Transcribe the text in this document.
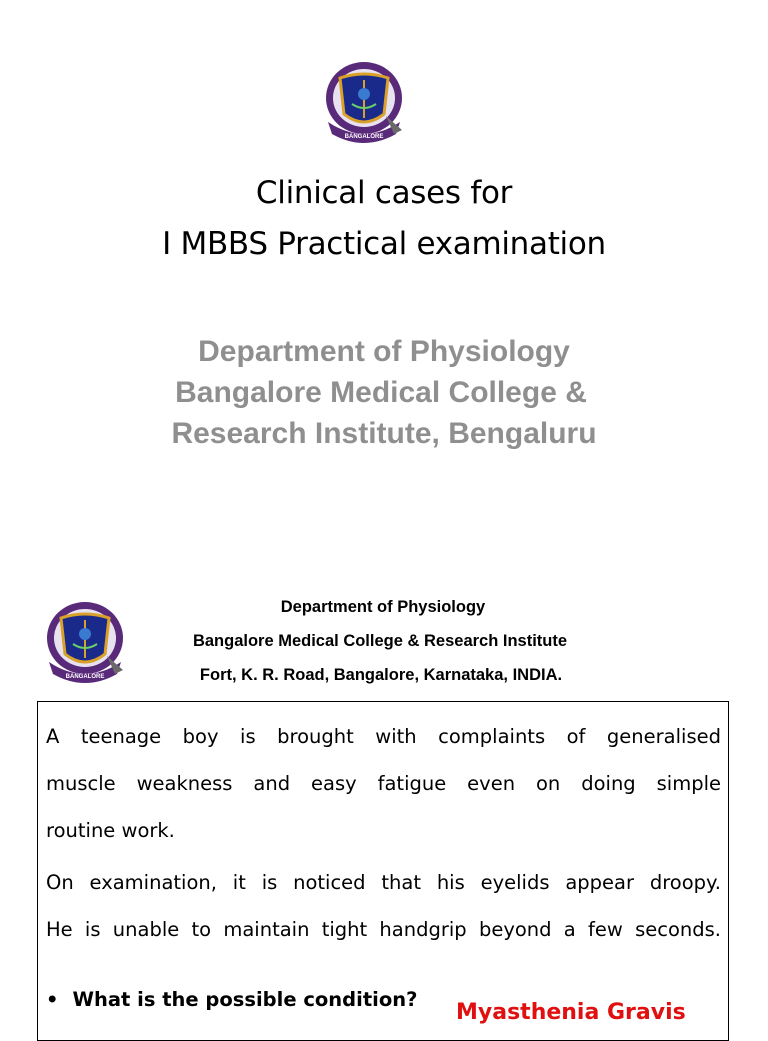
BANGALORE
Clinical cases for
I MBBS Practical examination
Department of Physiology
Bangalore Medical College &
Research Institute, Bengaluru
BANGALORE
Department of Physiology
Bangalore Medical College & Research Institute
Fort, K. R. Road, Bangalore, Karnataka, INDIA.
A teenage boy is brought with complaints of generalised
muscle weakness and easy fatigue even on doing simple
routine work.
On examination, it is noticed that his eyelids appear droopy.
He is unable to maintain tight handgrip beyond a few seconds.
• What is the possible condition?
Myasthenia Gravis
